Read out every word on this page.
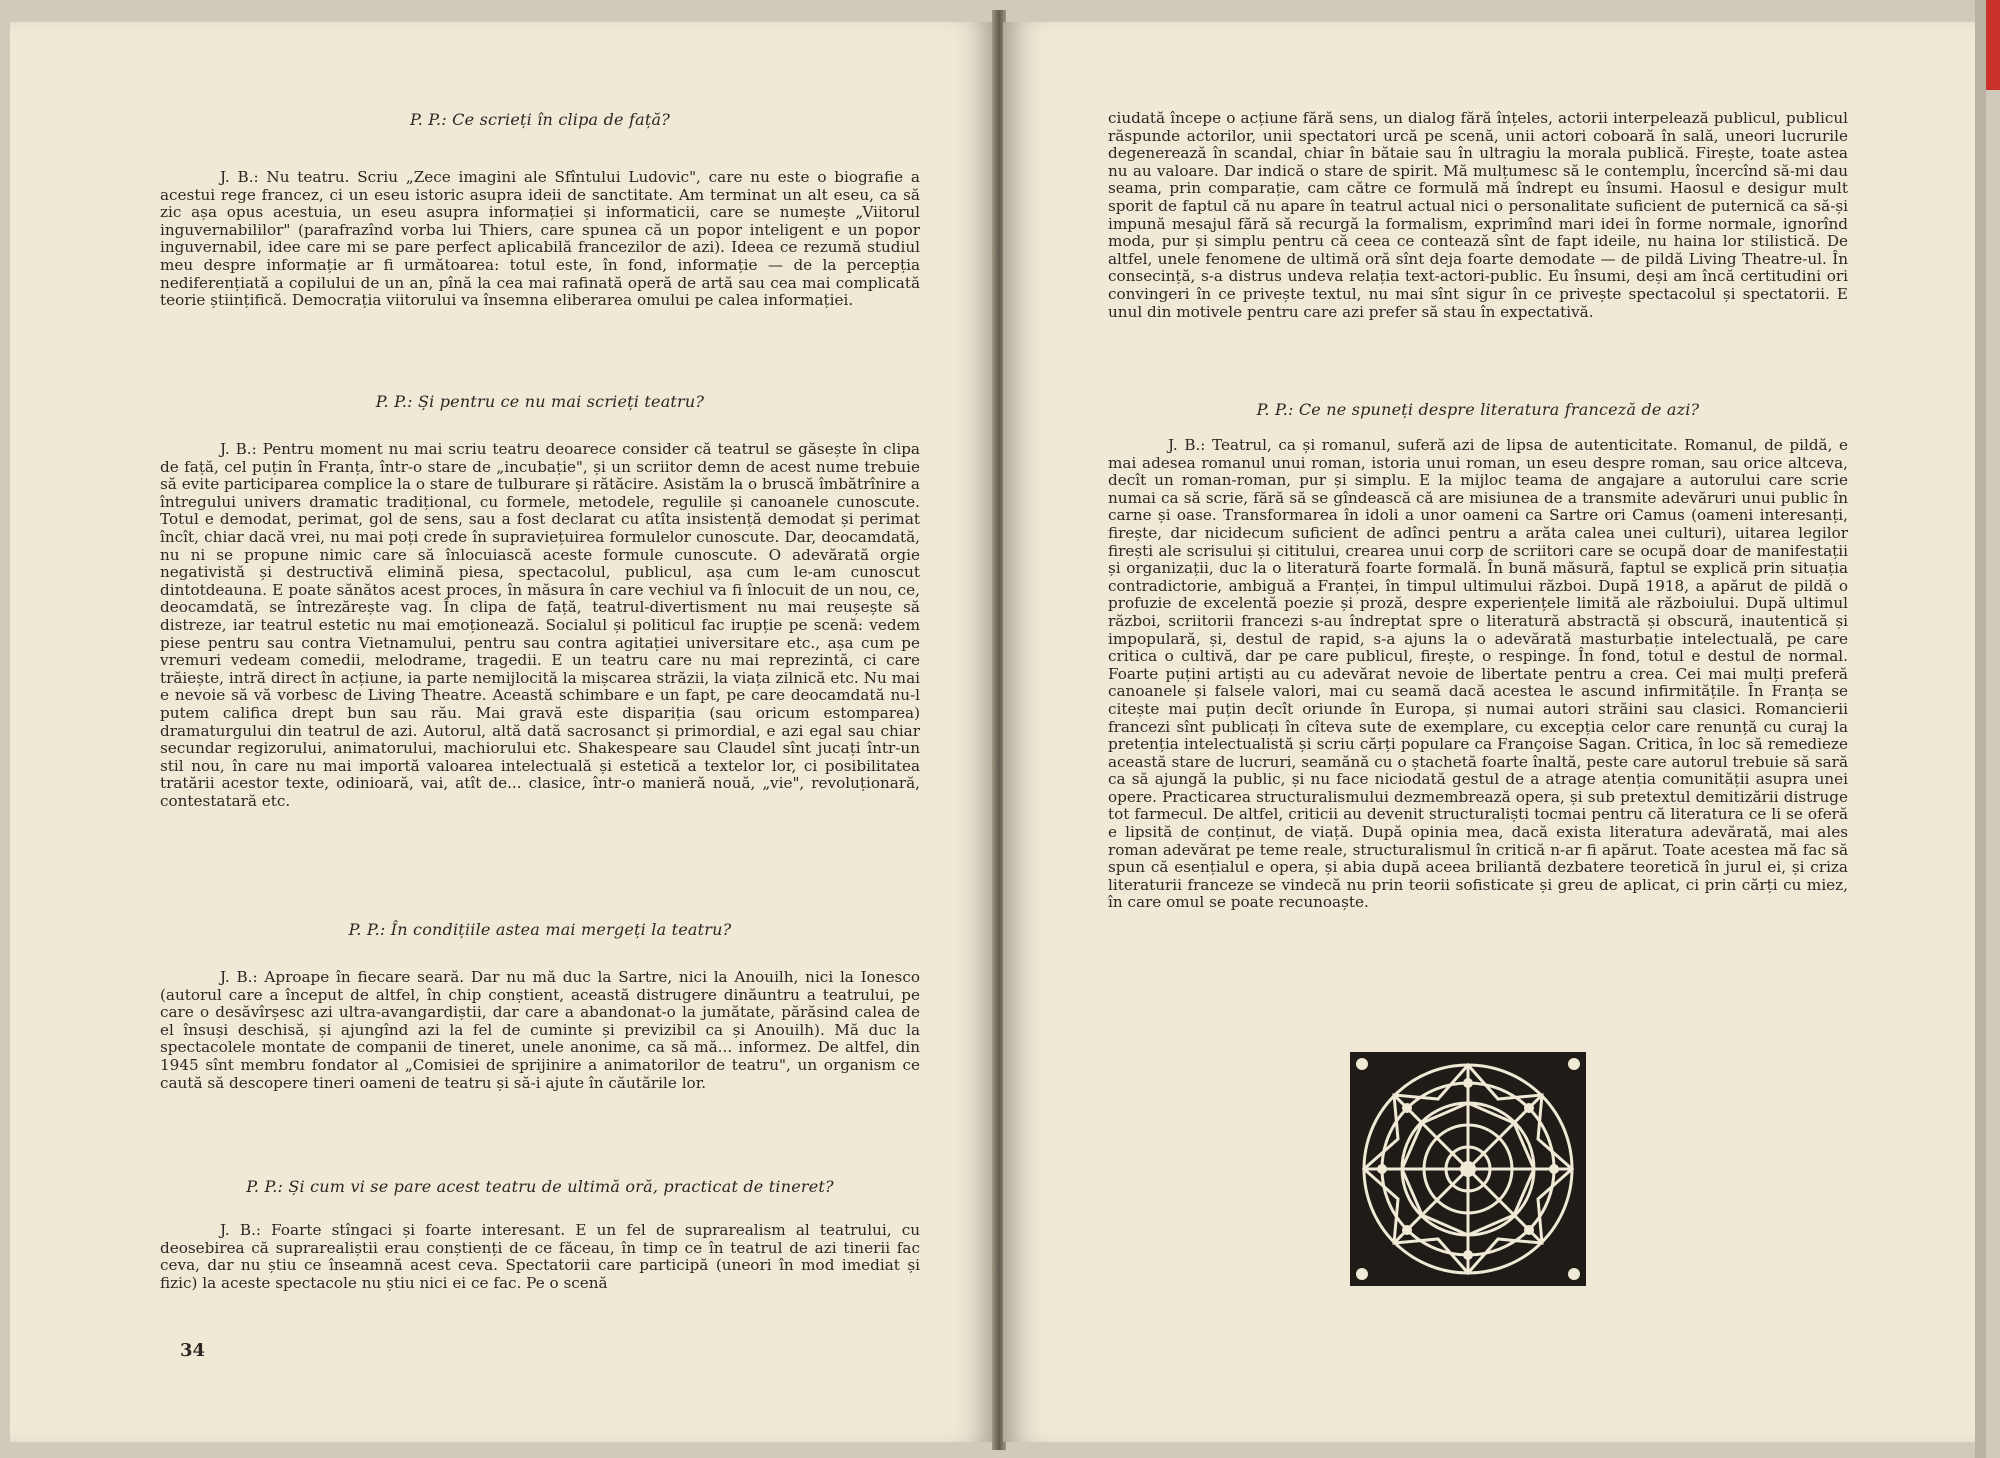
P. P.: Ce scrieți în clipa de față?

J. B.: Nu teatru. Scriu „Zece imagini ale Sfîntului Ludovic", care nu este o biografie a acestui rege francez, ci un eseu istoric asupra ideii de sanctitate. Am terminat un alt eseu, ca să zic așa opus acestuia, un eseu asupra informației și informaticii, care se numește „Viitorul inguvernabililor" (parafrazînd vorba lui Thiers, care spunea că un popor inteligent e un popor inguvernabil, idee care mi se pare perfect aplicabilă francezilor de azi). Ideea ce rezumă studiul meu despre informație ar fi următoarea: totul este, în fond, informație — de la percepția nediferențiată a copilului de un an, pînă la cea mai rafinată operă de artă sau cea mai complicată teorie științifică. Democrația viitorului va însemna eliberarea omului pe calea informației.

P. P.: Și pentru ce nu mai scrieți teatru?

J. B.: Pentru moment nu mai scriu teatru deoarece consider că teatrul se găsește în clipa de față, cel puțin în Franța, într-o stare de „incubație", și un scriitor demn de acest nume trebuie să evite participarea complice la o stare de tulburare și rătăcire. Asistăm la o bruscă îmbătrînire a întregului univers dramatic tradițional, cu formele, metodele, regulile și canoanele cunoscute. Totul e demodat, perimat, gol de sens, sau a fost declarat cu atîta insistență demodat și perimat încît, chiar dacă vrei, nu mai poți crede în supraviețuirea formulelor cunoscute. Dar, deocamdată, nu ni se propune nimic care să înlocuiască aceste formule cunoscute. O adevărată orgie negativistă și destructivă elimină piesa, spectacolul, publicul, așa cum le-am cunoscut dintotdeauna. E poate sănătos acest proces, în măsura în care vechiul va fi înlocuit de un nou, ce, deocamdată, se întrezărește vag. În clipa de față, teatrul-divertisment nu mai reușește să distreze, iar teatrul estetic nu mai emoționează. Socialul și politicul fac irupție pe scenă: vedem piese pentru sau contra Vietnamului, pentru sau contra agitației universitare etc., așa cum pe vremuri vedeam comedii, melodrame, tragedii. E un teatru care nu mai reprezintă, ci care trăiește, intră direct în acțiune, ia parte nemijlocită la mișcarea străzii, la viața zilnică etc. Nu mai e nevoie să vă vorbesc de Living Theatre. Această schimbare e un fapt, pe care deocamdată nu-l putem califica drept bun sau rău. Mai gravă este dispariția (sau oricum estomparea) dramaturgului din teatrul de azi. Autorul, altă dată sacrosanct și primordial, e azi egal sau chiar secundar regizorului, animatorului, machiorului etc. Shakespeare sau Claudel sînt jucați într-un stil nou, în care nu mai importă valoarea intelectuală și estetică a textelor lor, ci posibilitatea tratării acestor texte, odinioară, vai, atît de... clasice, într-o manieră nouă, „vie", revoluționară, contestatară etc.

P. P.: În condițiile astea mai mergeți la teatru?

J. B.: Aproape în fiecare seară. Dar nu mă duc la Sartre, nici la Anouilh, nici la Ionesco (autorul care a început de altfel, în chip conștient, această distrugere dinăuntru a teatrului, pe care o desăvîrșesc azi ultra-avangardiștii, dar care a abandonat-o la jumătate, părăsind calea de el însuși deschisă, și ajungînd azi la fel de cuminte și previzibil ca și Anouilh). Mă duc la spectacolele montate de companii de tineret, unele anonime, ca să mă... informez. De altfel, din 1945 sînt membru fondator al „Comisiei de sprijinire a animatorilor de teatru", un organism ce caută să descopere tineri oameni de teatru și să-i ajute în căutările lor.

P. P.: Și cum vi se pare acest teatru de ultimă oră, practicat de tineret?

J. B.: Foarte stîngaci și foarte interesant. E un fel de suprarealism al teatrului, cu deosebirea că suprarealiștii erau conștienți de ce făceau, în timp ce în teatrul de azi tinerii fac ceva, dar nu știu ce înseamnă acest ceva. Spectatorii care participă (uneori în mod imediat și fizic) la aceste spectacole nu știu nici ei ce fac. Pe o scenă

34

ciudată începe o acțiune fără sens, un dialog fără înțeles, actorii interpelează publicul, publicul răspunde actorilor, unii spectatori urcă pe scenă, unii actori coboară în sală, uneori lucrurile degenerează în scandal, chiar în bătaie sau în ultragiu la morala publică. Firește, toate astea nu au valoare. Dar indică o stare de spirit. Mă mulțumesc să le contemplu, încercînd să-mi dau seama, prin comparație, cam către ce formulă mă îndrept eu însumi. Haosul e desigur mult sporit de faptul că nu apare în teatrul actual nici o personalitate suficient de puternică ca să-și impună mesajul fără să recurgă la formalism, exprimînd mari idei în forme normale, ignorînd moda, pur și simplu pentru că ceea ce contează sînt de fapt ideile, nu haina lor stilistică. De altfel, unele fenomene de ultimă oră sînt deja foarte demodate — de pildă Living Theatre-ul. În consecință, s-a distrus undeva relația text-actori-public. Eu însumi, deși am încă certitudini ori convingeri în ce privește textul, nu mai sînt sigur în ce privește spectacolul și spectatorii. E unul din motivele pentru care azi prefer să stau în expectativă.

P. P.: Ce ne spuneți despre literatura franceză de azi?

J. B.: Teatrul, ca și romanul, suferă azi de lipsa de autenticitate. Romanul, de pildă, e mai adesea romanul unui roman, istoria unui roman, un eseu despre roman, sau orice altceva, decît un roman-roman, pur și simplu. E la mijloc teama de angajare a autorului care scrie numai ca să scrie, fără să se gîndească că are misiunea de a transmite adevăruri unui public în carne și oase. Transformarea în idoli a unor oameni ca Sartre ori Camus (oameni interesanți, firește, dar nicidecum suficient de adînci pentru a arăta calea unei culturi), uitarea legilor firești ale scrisului și cititului, crearea unui corp de scriitori care se ocupă doar de manifestații și organizații, duc la o literatură foarte formală. În bună măsură, faptul se explică prin situația contradictorie, ambiguă a Franței, în timpul ultimului război. După 1918, a apărut de pildă o profuzie de excelentă poezie și proză, despre experiențele limită ale războiului. După ultimul război, scriitorii francezi s-au îndreptat spre o literatură abstractă și obscură, inautentică și impopulară, și, destul de rapid, s-a ajuns la o adevărată masturbație intelectuală, pe care critica o cultivă, dar pe care publicul, firește, o respinge. În fond, totul e destul de normal. Foarte puțini artiști au cu adevărat nevoie de libertate pentru a crea. Cei mai mulți preferă canoanele și falsele valori, mai cu seamă dacă acestea le ascund infirmitățile. În Franța se citește mai puțin decît oriunde în Europa, și numai autori străini sau clasici. Romancierii francezi sînt publicați în cîteva sute de exemplare, cu excepția celor care renunță cu curaj la pretenția intelectualistă și scriu cărți populare ca Françoise Sagan. Critica, în loc să remedieze această stare de lucruri, seamănă cu o ștachetă foarte înaltă, peste care autorul trebuie să sară ca să ajungă la public, și nu face niciodată gestul de a atrage atenția comunității asupra unei opere. Practicarea structuralismului dezmembrează opera, și sub pretextul demitizării distruge tot farmecul. De altfel, criticii au devenit structuraliști tocmai pentru că literatura ce li se oferă e lipsită de conținut, de viață. După opinia mea, dacă exista literatura adevărată, mai ales roman adevărat pe teme reale, structuralismul în critică n-ar fi apărut. Toate acestea mă fac să spun că esențialul e opera, și abia după aceea briliantă dezbatere teoretică în jurul ei, și criza literaturii franceze se vindecă nu prin teorii sofisticate și greu de aplicat, ci prin cărți cu miez, în care omul se poate recunoaște.
